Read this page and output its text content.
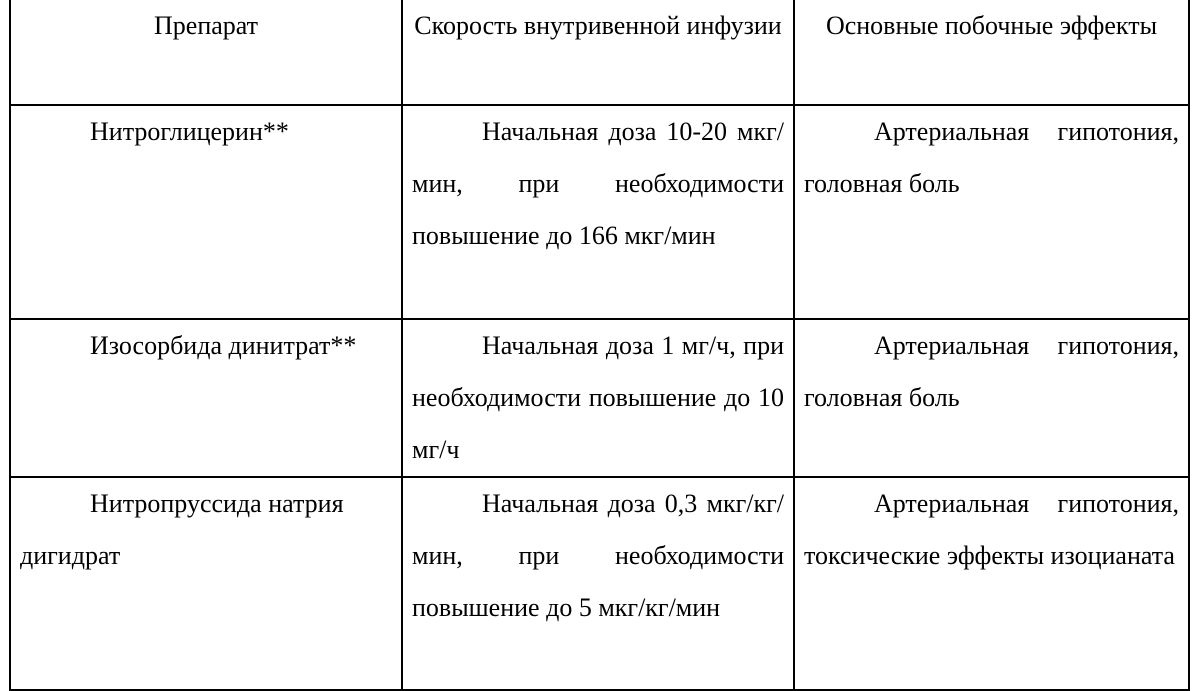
Препарат	Скорость внутривенной инфузии	Основные побочные эффекты
Нитроглицерин**	Начальная доза 10-20 мкг/мин, при необходимости повышение до 166 мкг/мин	Артериальная гипотония, головная боль
Изосорбида динитрат**	Начальная доза 1 мг/ч, при необходимости повышение до 10 мг/ч	Артериальная гипотония, головная боль
Нитропруссида натрия дигидрат	Начальная доза 0,3 мкг/кг/мин, при необходимости повышение до 5 мкг/кг/мин	Артериальная гипотония, токсические эффекты изоцианата
